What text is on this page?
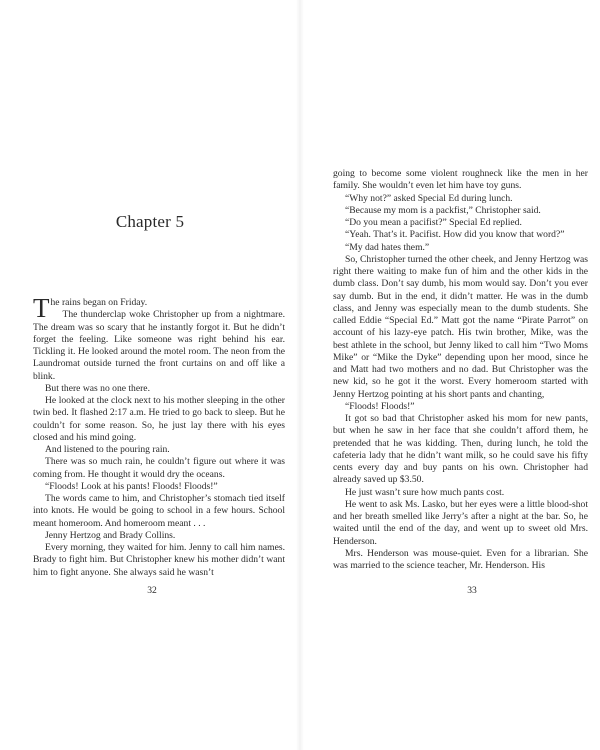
Chapter 5

The rains began on Friday.

The thunderclap woke Christopher up from a nightmare. The dream was so scary that he instantly forgot it. But he didn’t forget the feeling. Like someone was right behind his ear. Tickling it. He looked around the motel room. The neon from the Laundromat outside turned the front curtains on and off like a blink.

But there was no one there.

He looked at the clock next to his mother sleeping in the other twin bed. It flashed 2:17 a.m. He tried to go back to sleep. But he couldn’t for some reason. So, he just lay there with his eyes closed and his mind going.

And listened to the pouring rain.

There was so much rain, he couldn’t figure out where it was coming from. He thought it would dry the oceans.

“Floods! Look at his pants! Floods! Floods!”

The words came to him, and Christopher’s stomach tied itself into knots. He would be going to school in a few hours. School meant homeroom. And homeroom meant . . .

Jenny Hertzog and Brady Collins.

Every morning, they waited for him. Jenny to call him names. Brady to fight him. But Christopher knew his mother didn’t want him to fight anyone. She always said he wasn’t

32

going to become some violent roughneck like the men in her family. She wouldn’t even let him have toy guns.

“Why not?” asked Special Ed during lunch.

“Because my mom is a packfist,” Christopher said.

“Do you mean a pacifist?” Special Ed replied.

“Yeah. That’s it. Pacifist. How did you know that word?”

“My dad hates them.”

So, Christopher turned the other cheek, and Jenny Hertzog was right there waiting to make fun of him and the other kids in the dumb class. Don’t say dumb, his mom would say. Don’t you ever say dumb. But in the end, it didn’t matter. He was in the dumb class, and Jenny was especially mean to the dumb students. She called Eddie “Special Ed.” Matt got the name “Pirate Parrot” on account of his lazy-eye patch. His twin brother, Mike, was the best athlete in the school, but Jenny liked to call him “Two Moms Mike” or “Mike the Dyke” depending upon her mood, since he and Matt had two mothers and no dad. But Christopher was the new kid, so he got it the worst. Every homeroom started with Jenny Hertzog pointing at his short pants and chanting,

“Floods! Floods!”

It got so bad that Christopher asked his mom for new pants, but when he saw in her face that she couldn’t afford them, he pretended that he was kidding. Then, during lunch, he told the cafeteria lady that he didn’t want milk, so he could save his fifty cents every day and buy pants on his own. Christopher had already saved up $3.50.

He just wasn’t sure how much pants cost.

He went to ask Ms. Lasko, but her eyes were a little blood-shot and her breath smelled like Jerry’s after a night at the bar. So, he waited until the end of the day, and went up to sweet old Mrs. Henderson.

Mrs. Henderson was mouse-quiet. Even for a librarian. She was married to the science teacher, Mr. Henderson. His

33
